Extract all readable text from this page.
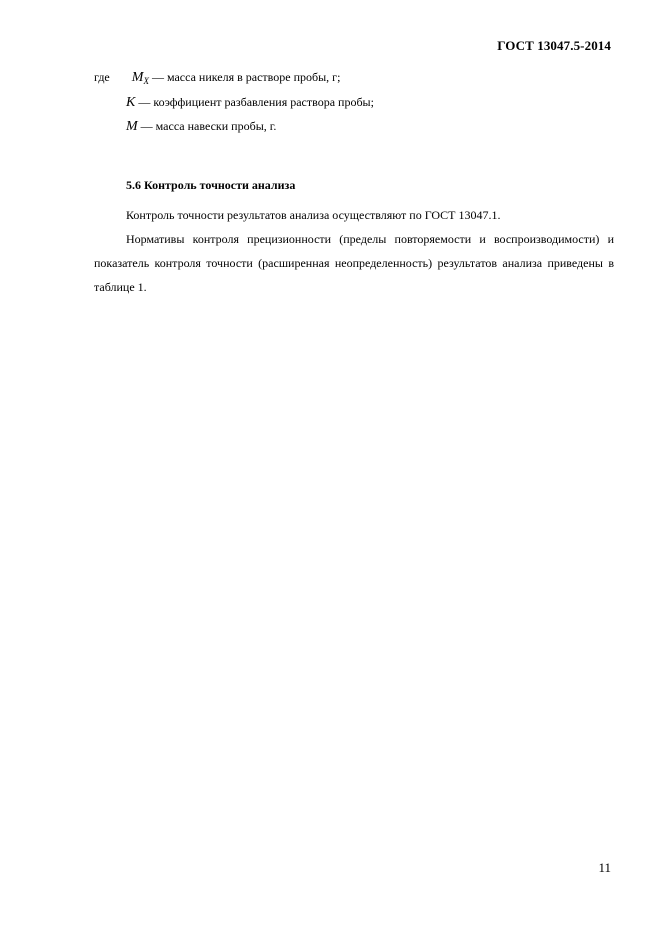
ГОСТ 13047.5-2014
где $M_X$ — масса никеля в растворе пробы, г;
K — коэффициент разбавления раствора пробы;
M — масса навески пробы, г.
5.6 Контроль точности анализа
Контроль точности результатов анализа осуществляют по ГОСТ 13047.1.
Нормативы контроля прецизионности (пределы повторяемости и воспроизводимости) и показатель контроля точности (расширенная неопределенность) результатов анализа приведены в таблице 1.
11
